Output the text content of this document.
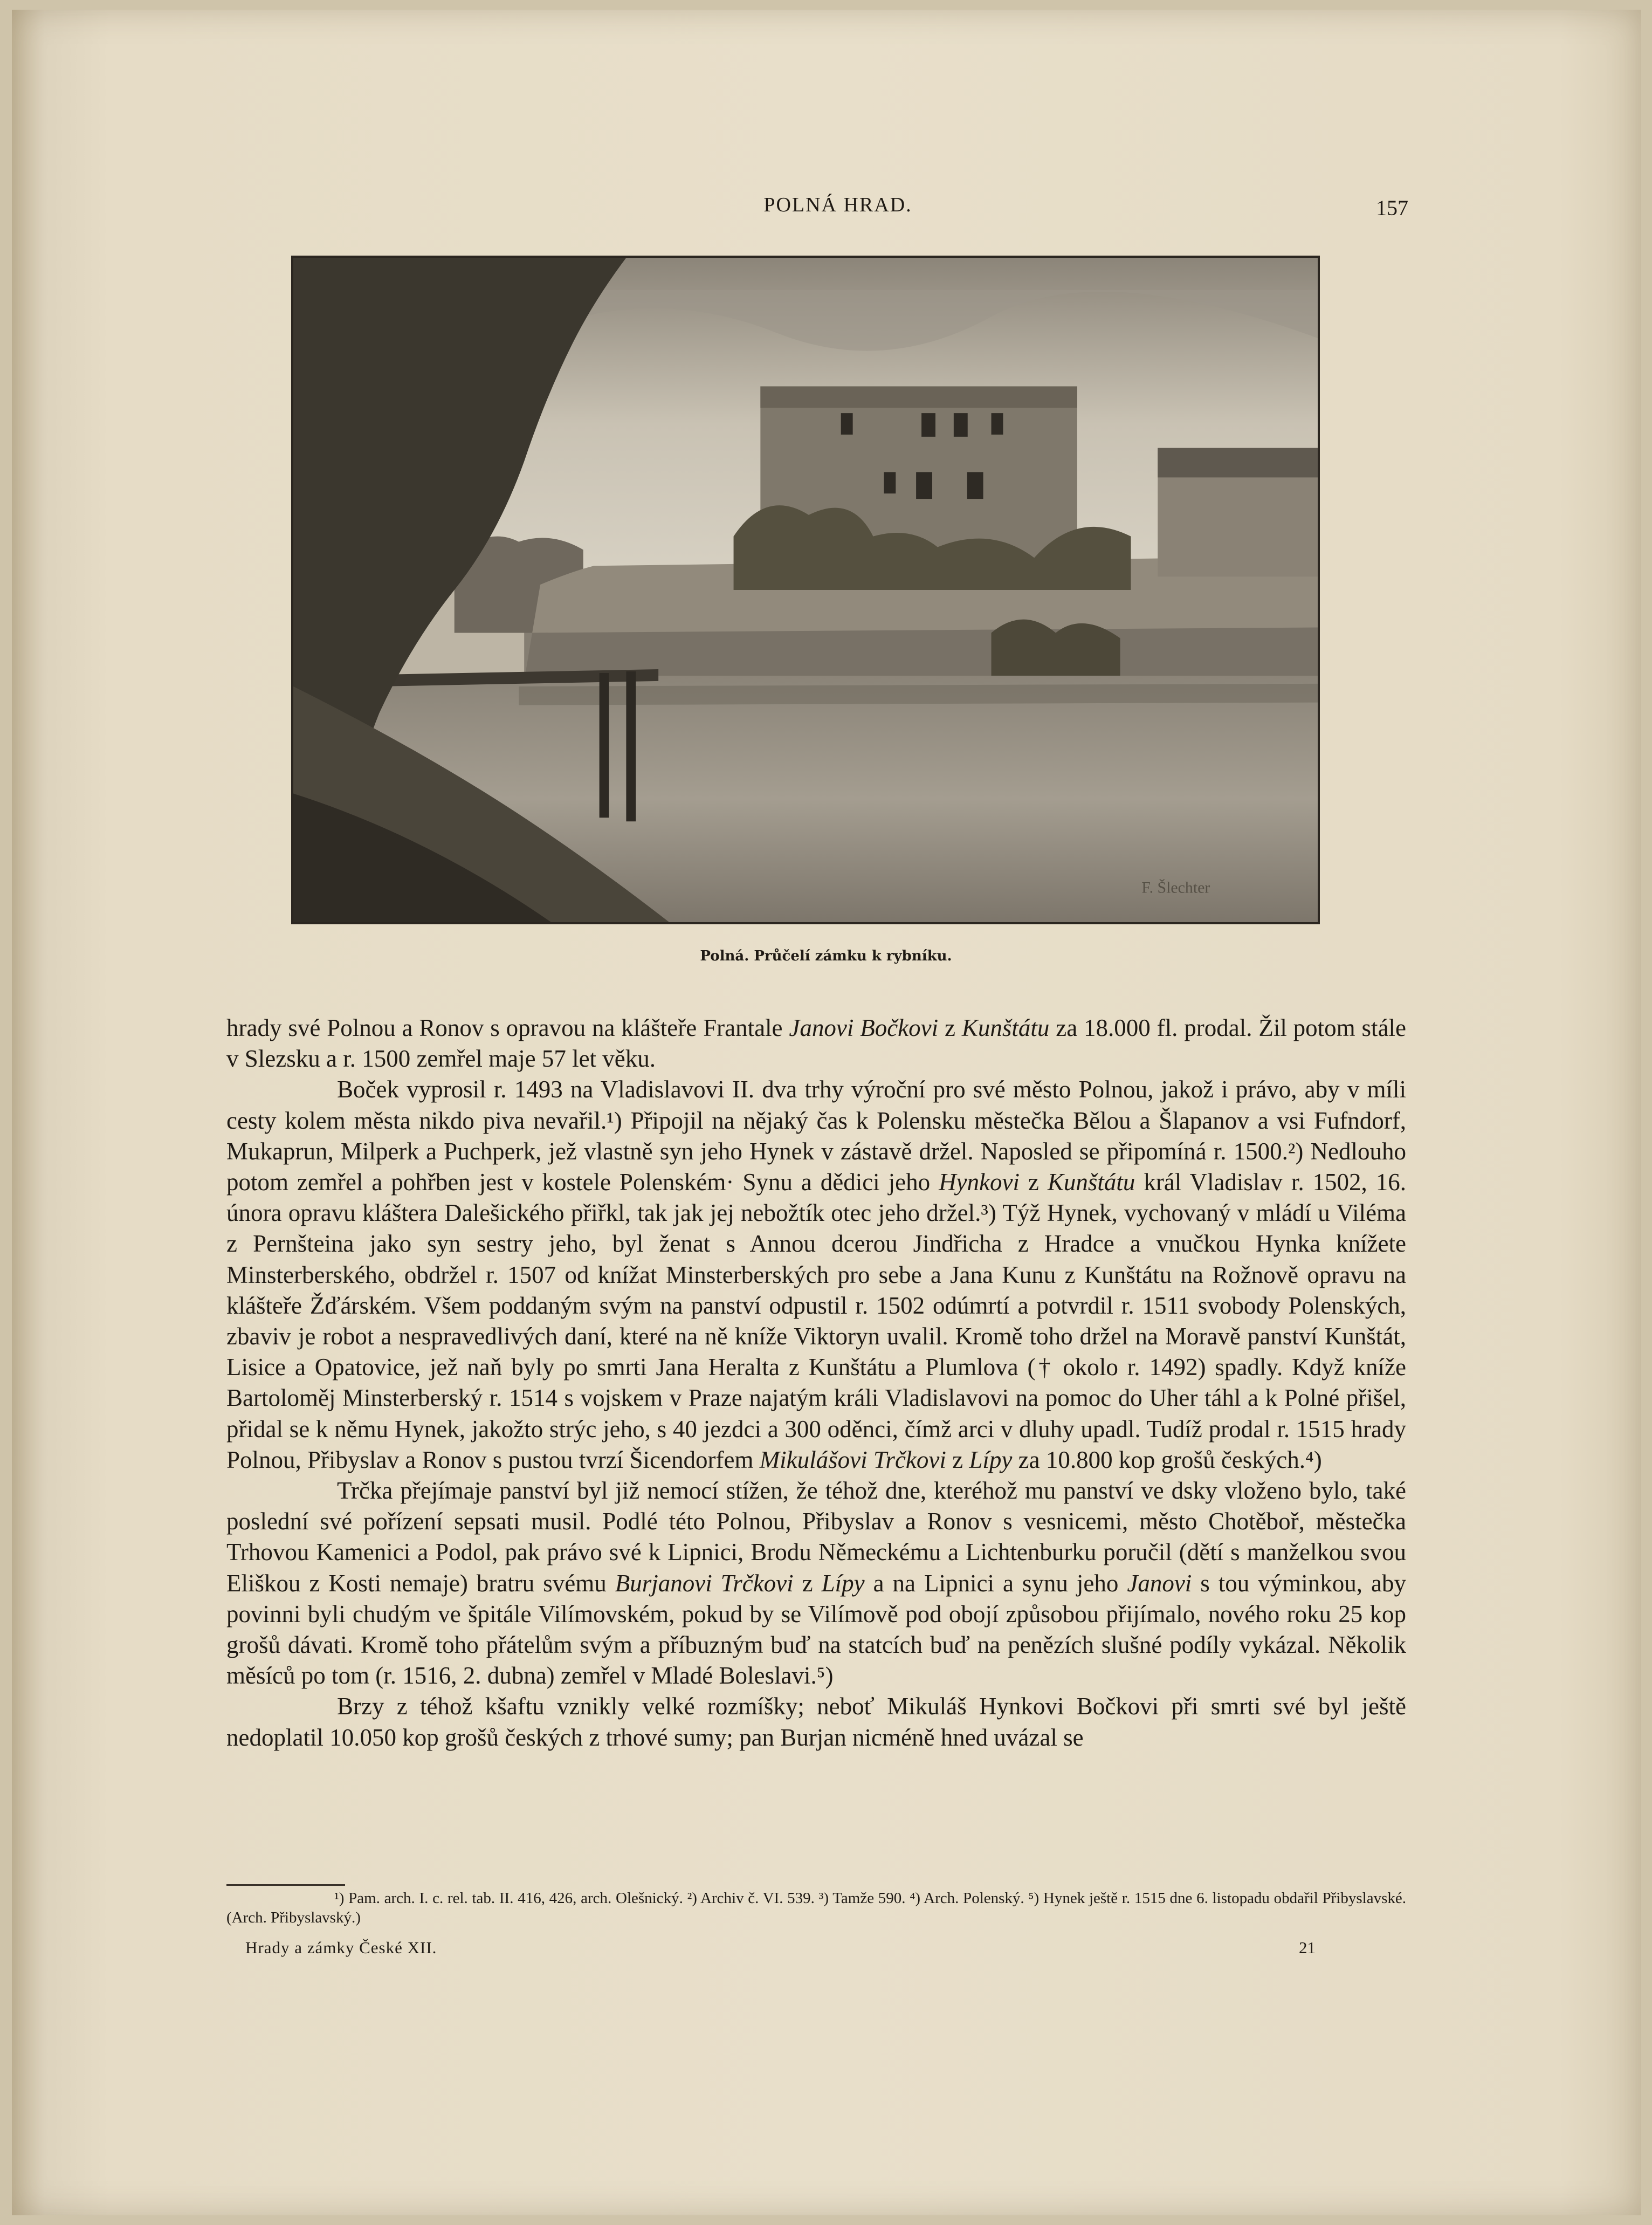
POLNÁ HRAD.	157
F. Šlechter
Polná. Průčelí zámku k rybníku.

hrady své Polnou a Ronov s opravou na klášteře Frantale Janovi Bočkovi z Kunštátu za 18.000 fl. prodal. Žil potom stále v Slezsku a r. 1500 zemřel maje 57 let věku.

Boček vyprosil r. 1493 na Vladislavovi II. dva trhy výroční pro své město Polnou, jakož i právo, aby v míli cesty kolem města nikdo piva nevařil.¹) Připojil na nějaký čas k Polensku městečka Bělou a Šlapanov a vsi Fufndorf, Mukaprun, Milperk a Puchperk, jež vlastně syn jeho Hynek v zástavě držel. Naposled se připomíná r. 1500.²) Nedlouho potom zemřel a pohřben jest v kostele Polenském· Synu a dědici jeho Hynkovi z Kunštátu král Vladislav r. 1502, 16. února opravu kláštera Dalešického přiřkl, tak jak jej nebožtík otec jeho držel.³) Týž Hynek, vychovaný v mládí u Viléma z Pernšteina jako syn sestry jeho, byl ženat s Annou dcerou Jindřicha z Hradce a vnučkou Hynka knížete Minsterberského, obdržel r. 1507 od knížat Minsterberských pro sebe a Jana Kunu z Kunštátu na Rožnově opravu na klášteře Žďárském. Všem poddaným svým na panství odpustil r. 1502 odúmrtí a potvrdil r. 1511 svobody Polenských, zbaviv je robot a nespravedlivých daní, které na ně kníže Viktoryn uvalil. Kromě toho držel na Moravě panství Kunštát, Lisice a Opatovice, jež naň byly po smrti Jana Heralta z Kunštátu a Plumlova († okolo r. 1492) spadly. Když kníže Bartoloměj Minsterberský r. 1514 s vojskem v Praze najatým králi Vladislavovi na pomoc do Uher táhl a k Polné přišel, přidal se k němu Hynek, jakožto strýc jeho, s 40 jezdci a 300 oděnci, čímž arci v dluhy upadl. Tudíž prodal r. 1515 hrady Polnou, Přibyslav a Ronov s pustou tvrzí Šicendorfem Mikulášovi Trčkovi z Lípy za 10.800 kop grošů českých.⁴)

Trčka přejímaje panství byl již nemocí stížen, že téhož dne, kteréhož mu panství ve dsky vloženo bylo, také poslední své pořízení sepsati musil. Podlé této Polnou, Přibyslav a Ronov s vesnicemi, město Chotěboř, městečka Trhovou Kamenici a Podol, pak právo své k Lipnici, Brodu Německému a Lichtenburku poručil (dětí s manželkou svou Eliškou z Kosti nemaje) bratru svému Burjanovi Trčkovi z Lípy a na Lipnici a synu jeho Janovi s tou výminkou, aby povinni byli chudým ve špitále Vilímovském, pokud by se Vilímově pod obojí způsobou přijímalo, nového roku 25 kop grošů dávati. Kromě toho přátelům svým a příbuzným buď na statcích buď na penězích slušné podíly vykázal. Několik měsíců po tom (r. 1516, 2. dubna) zemřel v Mladé Boleslavi.⁵)

Brzy z téhož kšaftu vznikly velké rozmíšky; neboť Mikuláš Hynkovi Bočkovi při smrti své byl ještě nedoplatil 10.050 kop grošů českých z trhové sumy; pan Burjan nicméně hned uvázal se

¹) Pam. arch. I. c. rel. tab. II. 416, 426, arch. Olešnický. ²) Archiv č. VI. 539. ³) Tamže 590. ⁴) Arch. Polenský. ⁵) Hynek ještě r. 1515 dne 6. listopadu obdařil Přibyslavské. (Arch. Přibyslavský.)
Hrady a zámky České XII.	21
